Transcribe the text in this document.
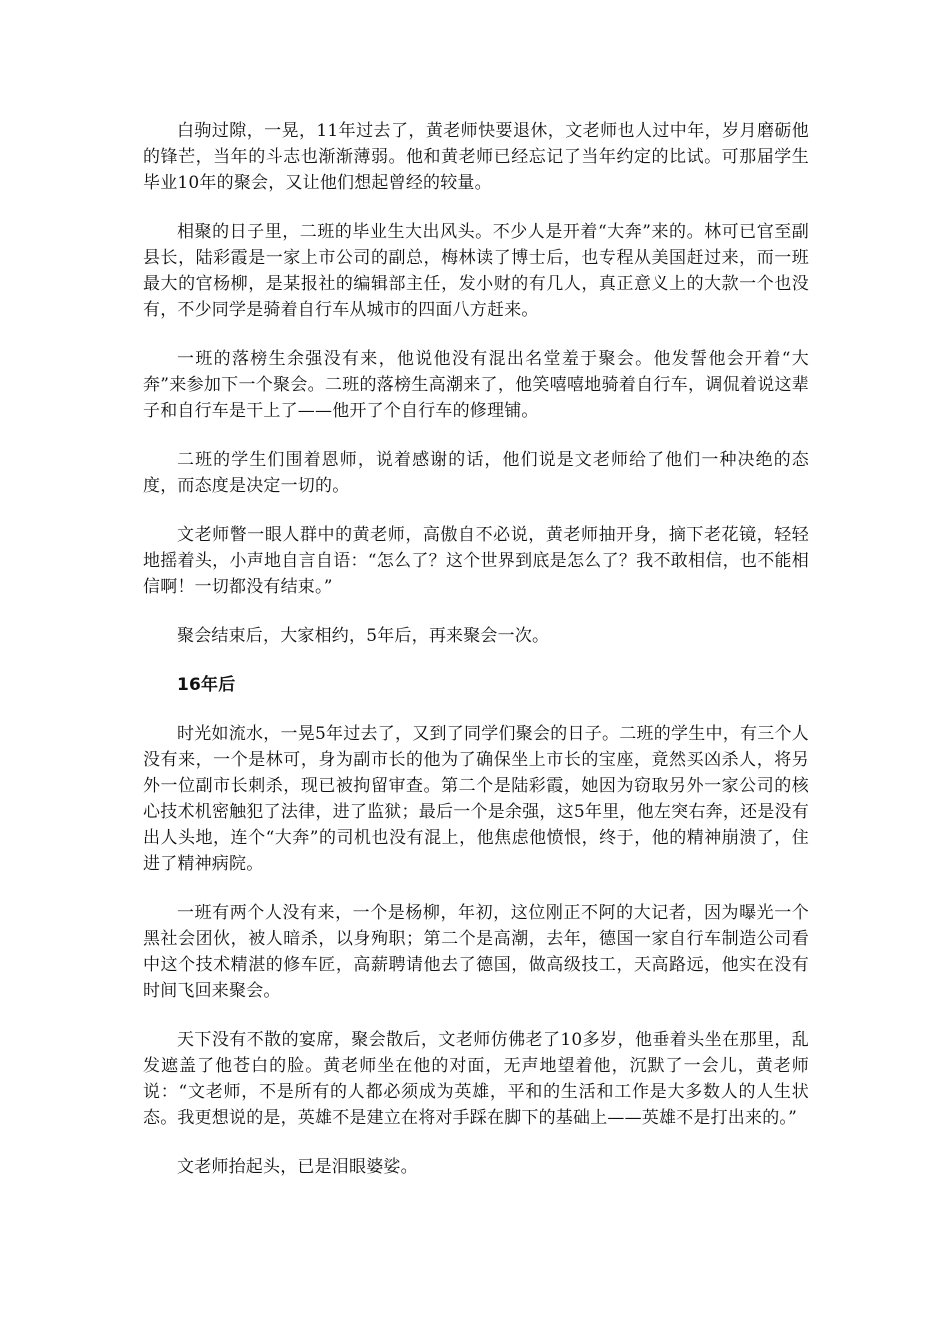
白驹过隙，一晃，11年过去了，黄老师快要退休，文老师也人过中年，岁月磨砺他的锋芒，当年的斗志也渐渐薄弱。他和黄老师已经忘记了当年约定的比试。可那届学生毕业10年的聚会，又让他们想起曾经的较量。

相聚的日子里，二班的毕业生大出风头。不少人是开着“大奔”来的。林可已官至副县长，陆彩霞是一家上市公司的副总，梅林读了博士后，也专程从美国赶过来，而一班最大的官杨柳，是某报社的编辑部主任，发小财的有几人，真正意义上的大款一个也没有，不少同学是骑着自行车从城市的四面八方赶来。

一班的落榜生余强没有来，他说他没有混出名堂羞于聚会。他发誓他会开着“大奔”来参加下一个聚会。二班的落榜生高潮来了，他笑嘻嘻地骑着自行车，调侃着说这辈子和自行车是干上了——他开了个自行车的修理铺。

二班的学生们围着恩师，说着感谢的话，他们说是文老师给了他们一种决绝的态度，而态度是决定一切的。

文老师瞥一眼人群中的黄老师，高傲自不必说，黄老师抽开身，摘下老花镜，轻轻地摇着头，小声地自言自语：“怎么了？这个世界到底是怎么了？我不敢相信，也不能相信啊！一切都没有结束。”

聚会结束后，大家相约，5年后，再来聚会一次。

16年后

时光如流水，一晃5年过去了，又到了同学们聚会的日子。二班的学生中，有三个人没有来，一个是林可，身为副市长的他为了确保坐上市长的宝座，竟然买凶杀人，将另外一位副市长刺杀，现已被拘留审查。第二个是陆彩霞，她因为窃取另外一家公司的核心技术机密触犯了法律，进了监狱；最后一个是余强，这5年里，他左突右奔，还是没有出人头地，连个“大奔”的司机也没有混上，他焦虑他愤恨，终于，他的精神崩溃了，住进了精神病院。

一班有两个人没有来，一个是杨柳，年初，这位刚正不阿的大记者，因为曝光一个黑社会团伙，被人暗杀，以身殉职；第二个是高潮，去年，德国一家自行车制造公司看中这个技术精湛的修车匠，高薪聘请他去了德国，做高级技工，天高路远，他实在没有时间飞回来聚会。

天下没有不散的宴席，聚会散后，文老师仿佛老了10多岁，他垂着头坐在那里，乱发遮盖了他苍白的脸。黄老师坐在他的对面，无声地望着他，沉默了一会儿，黄老师说：“文老师，不是所有的人都必须成为英雄，平和的生活和工作是大多数人的人生状态。我更想说的是，英雄不是建立在将对手踩在脚下的基础上——英雄不是打出来的。”

文老师抬起头，已是泪眼婆娑。
